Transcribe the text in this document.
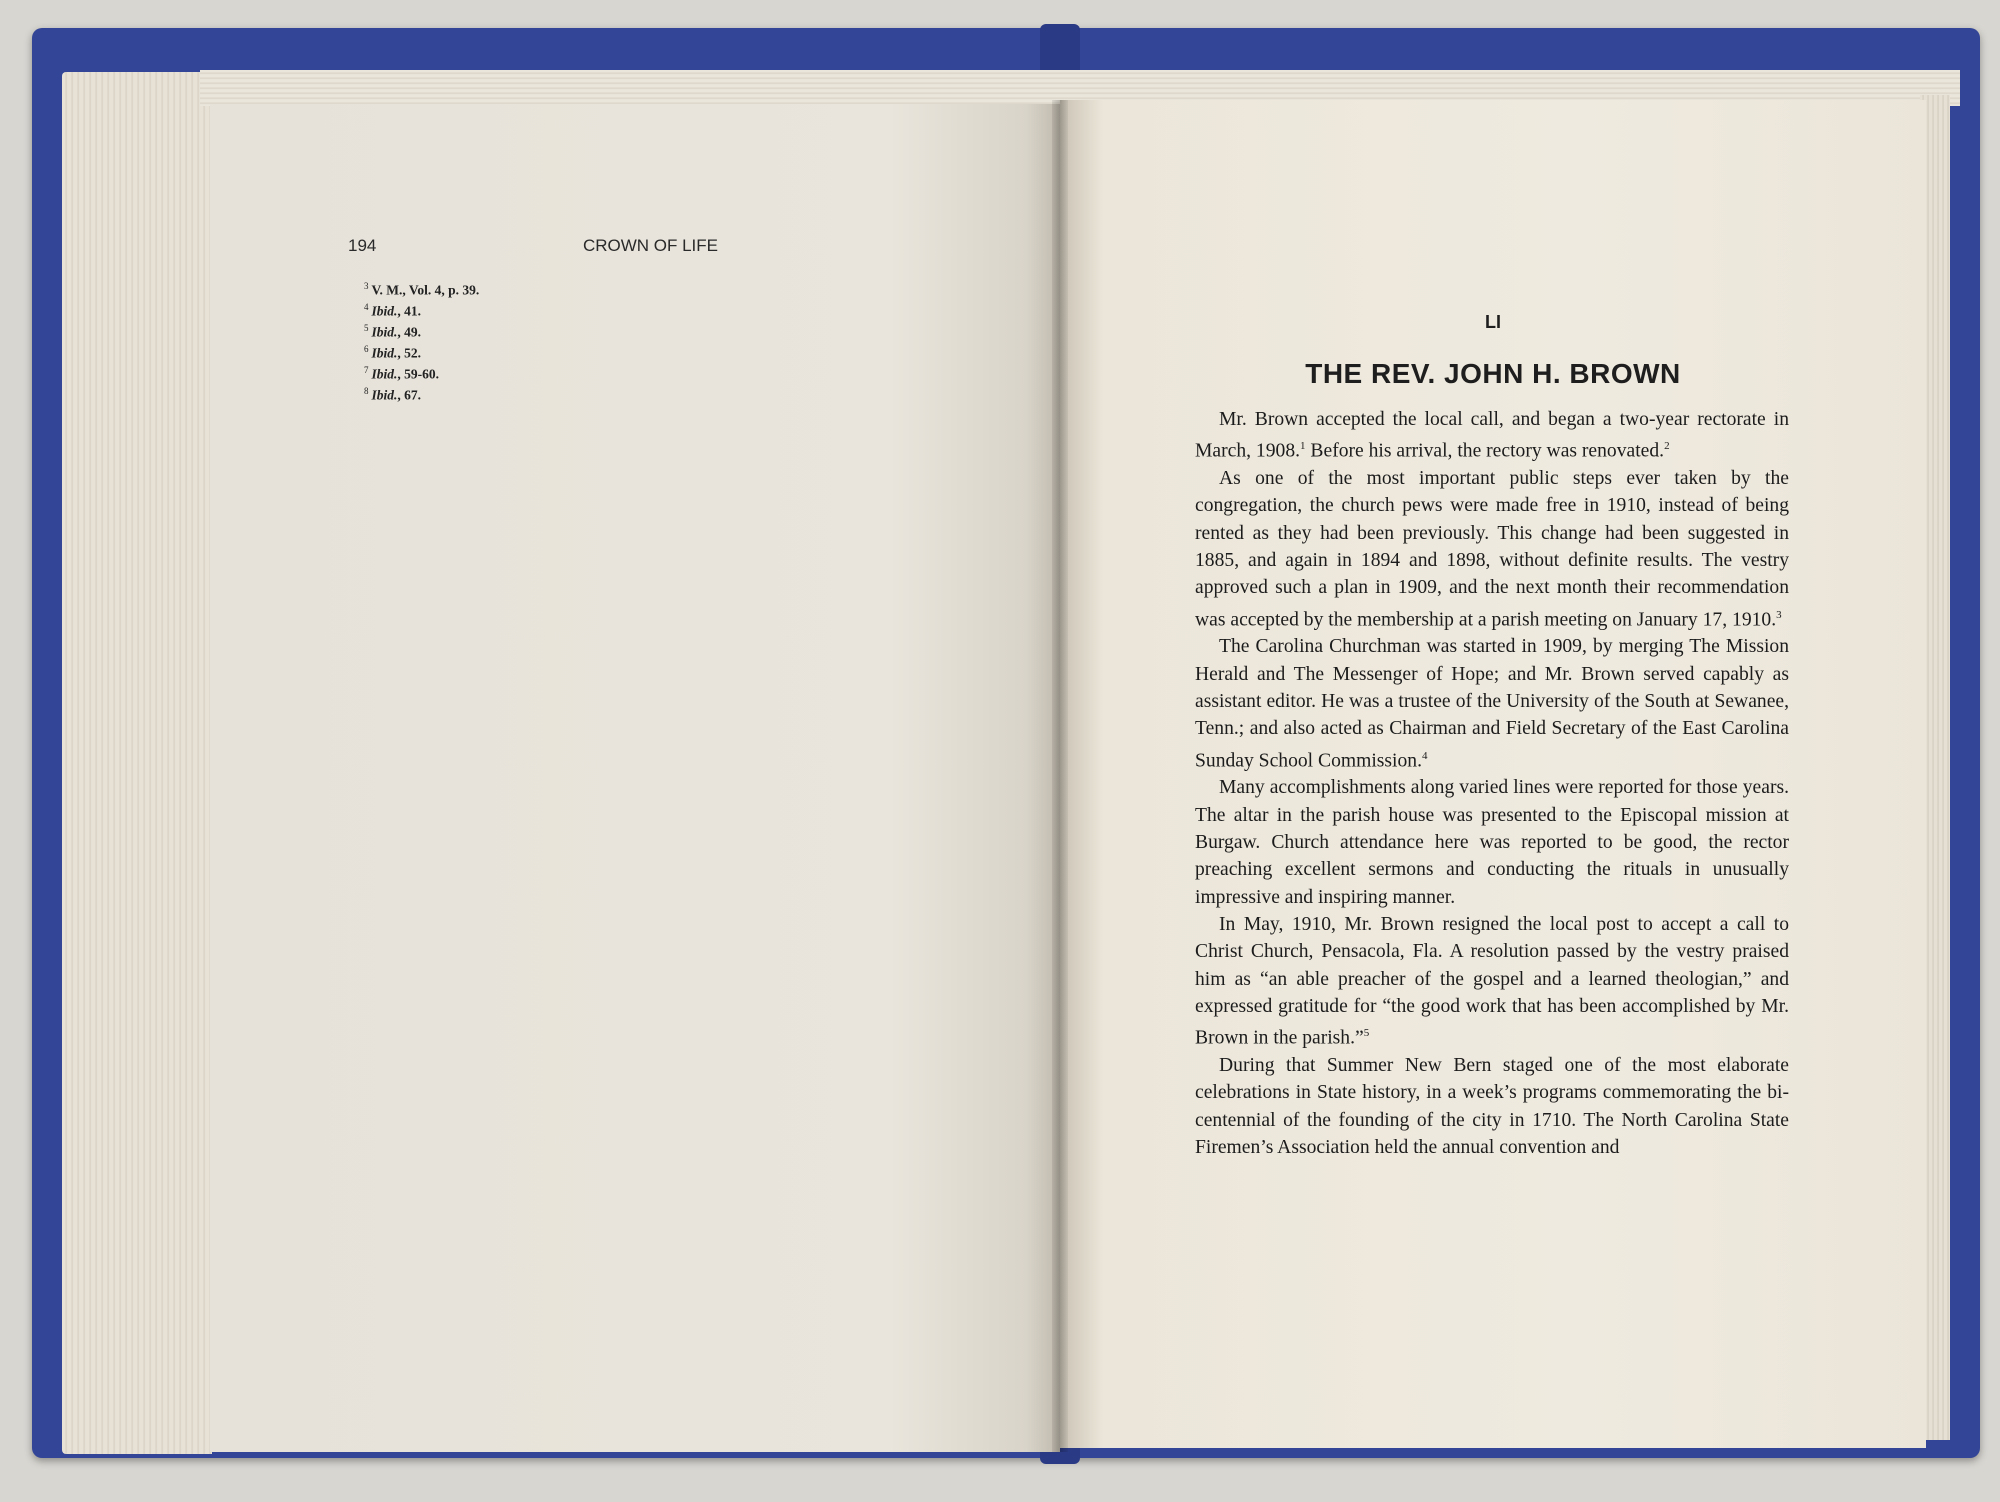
194	CROWN OF LIFE
$^3$ V. M., Vol. 4, p. 39.
$^4$ Ibid., 41.
$^5$ Ibid., 49.
$^6$ Ibid., 52.
$^7$ Ibid., 59-60.
$^8$ Ibid., 67.
LI
THE REV. JOHN H. BROWN

Mr. Brown accepted the local call, and began a two-year rectorate in March, 1908.$^1$ Before his arrival, the rectory was renovated.$^2$

As one of the most important public steps ever taken by the congregation, the church pews were made free in 1910, instead of being rented as they had been previously. This change had been suggested in 1885, and again in 1894 and 1898, without definite results. The vestry approved such a plan in 1909, and the next month their recommendation was accepted by the membership at a parish meeting on January 17, 1910.$^3$

The Carolina Churchman was started in 1909, by merging The Mission Herald and The Messenger of Hope; and Mr. Brown served capably as assistant editor. He was a trustee of the University of the South at Sewanee, Tenn.; and also acted as Chairman and Field Secretary of the East Carolina Sunday School Commission.$^4$

Many accomplishments along varied lines were reported for those years. The altar in the parish house was presented to the Episcopal mission at Burgaw. Church attendance here was reported to be good, the rector preaching excellent sermons and conducting the rituals in unusually impressive and inspiring manner.

In May, 1910, Mr. Brown resigned the local post to accept a call to Christ Church, Pensacola, Fla. A resolution passed by the vestry praised him as “an able preacher of the gospel and a learned theologian,” and expressed gratitude for “the good work that has been accomplished by Mr. Brown in the parish.”$^5$

During that Summer New Bern staged one of the most elaborate celebrations in State history, in a week’s programs commemorating the bi-centennial of the founding of the city in 1710. The North Carolina State Firemen’s Association held the annual convention and
